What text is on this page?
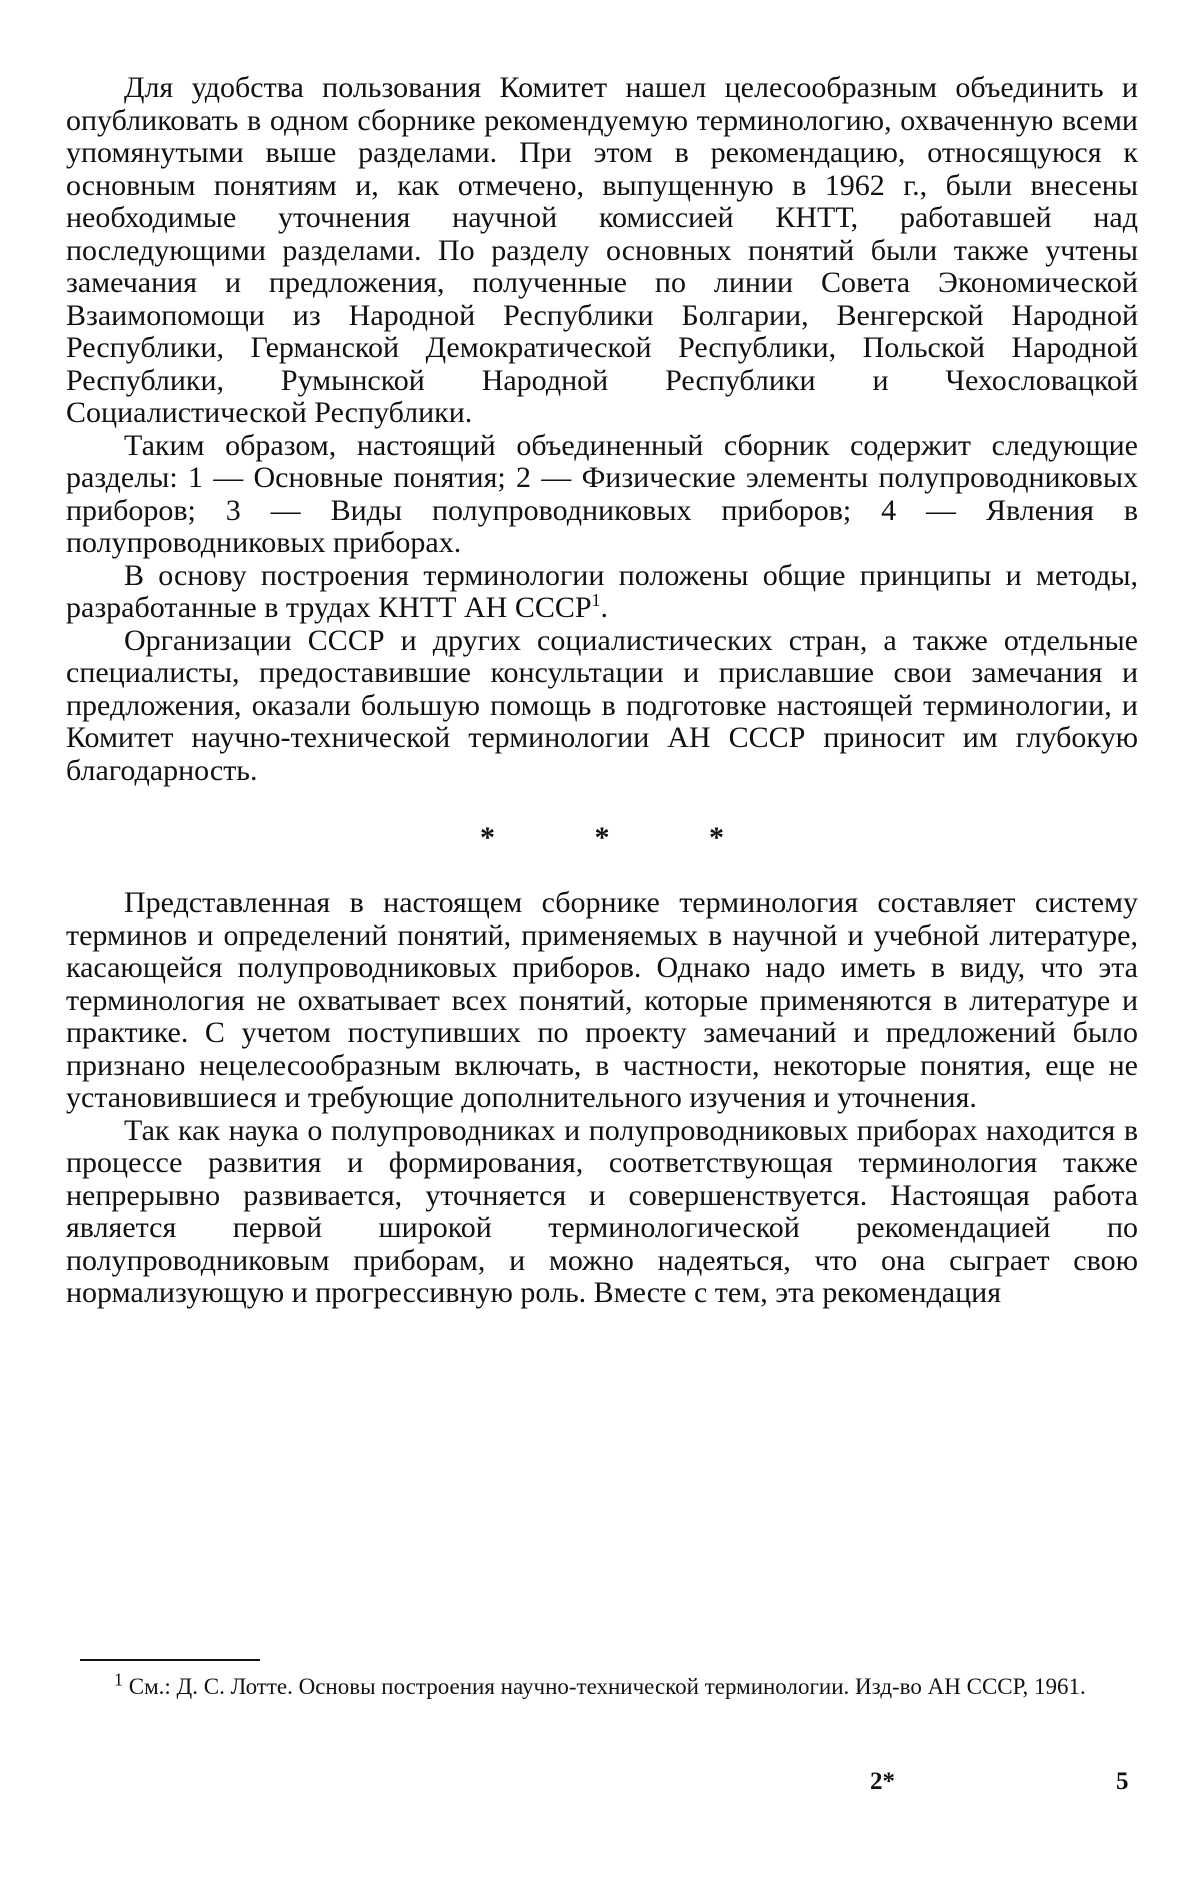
Для удобства пользования Комитет нашел целесообразным объединить и опубликовать в одном сборнике рекомендуемую терминологию, охваченную всеми упомянутыми выше разделами. При этом в рекомендацию, относящуюся к основным понятиям и, как отмечено, выпущенную в 1962 г., были внесены необходимые уточнения научной комиссией КНТТ, работавшей над последующими разделами. По разделу основных понятий были также учтены замечания и предложения, полученные по линии Совета Экономической Взаимопомощи из Народной Республики Болгарии, Венгерской Народной Республики, Германской Демократической Республики, Польской Народной Республики, Румынской Народной Республики и Чехословацкой Социалистической Республики.

Таким образом, настоящий объединенный сборник содержит следующие разделы: 1 — Основные понятия; 2 — Физические элементы полупроводниковых приборов; 3 — Виды полупроводниковых приборов; 4 — Явления в полупроводниковых приборах.

В основу построения терминологии положены общие принципы и методы, разработанные в трудах КНТТ АН СССР$^1$.

Организации СССР и других социалистических стран, а также отдельные специалисты, предоставившие консультации и приславшие свои замечания и предложения, оказали большую помощь в подготовке настоящей терминологии, и Комитет научно-технической терминологии АН СССР приносит им глубокую благодарность.

* * *

Представленная в настоящем сборнике терминология составляет систему терминов и определений понятий, применяемых в научной и учебной литературе, касающейся полупроводниковых приборов. Однако надо иметь в виду, что эта терминология не охватывает всех понятий, которые применяются в литературе и практике. С учетом поступивших по проекту замечаний и предложений было признано нецелесообразным включать, в частности, некоторые понятия, еще не установившиеся и требующие дополнительного изучения и уточнения.

Так как наука о полупроводниках и полупроводниковых приборах находится в процессе развития и формирования, соответствующая терминология также непрерывно развивается, уточняется и совершенствуется. Настоящая работа является первой широкой терминологической рекомендацией по полупроводниковым приборам, и можно надеяться, что она сыграет свою нормализующую и прогрессивную роль. Вместе с тем, эта рекомендация

$^1$ См.: Д. С. Лотте. Основы построения научно-технической терминологии. Изд-во АН СССР, 1961.

2*	5
